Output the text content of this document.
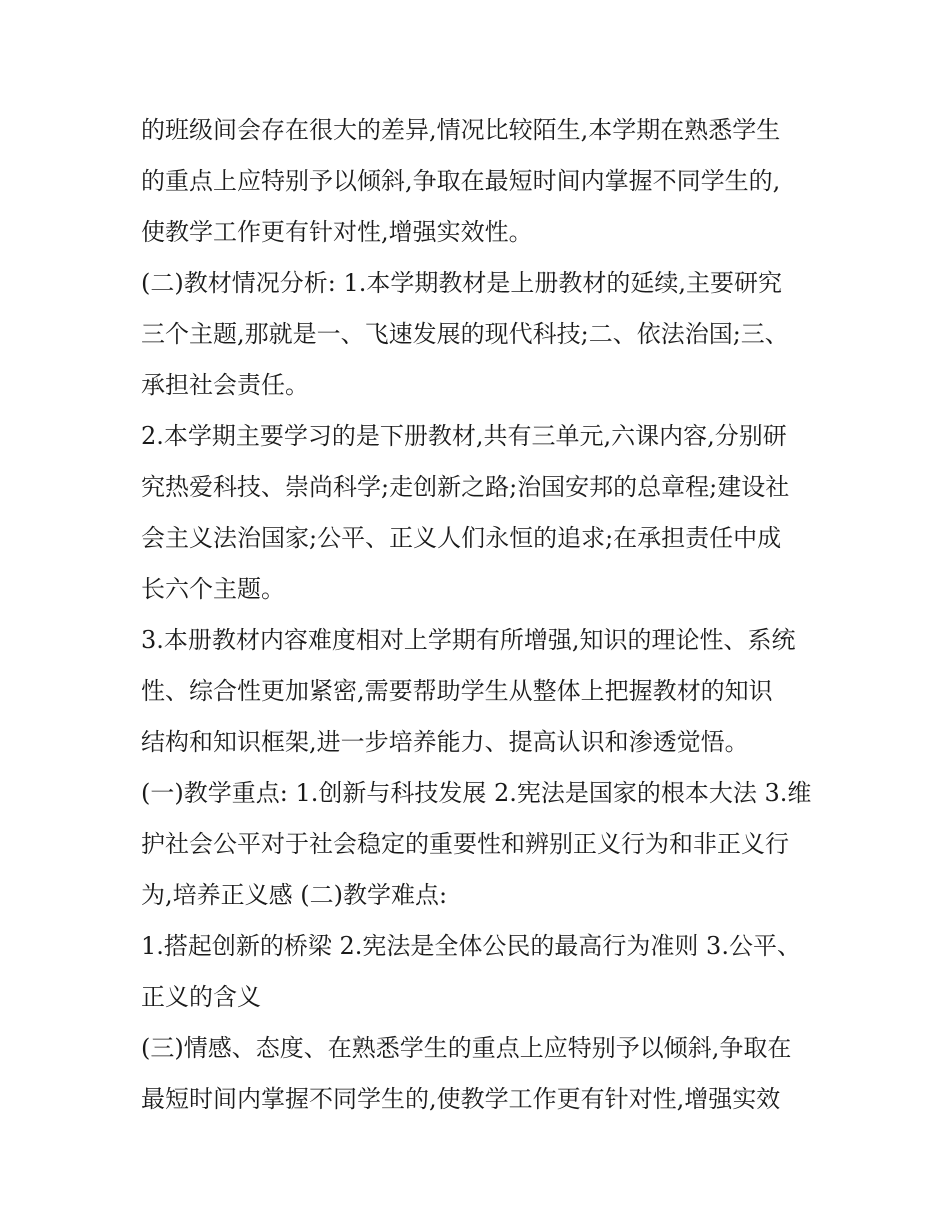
的班级间会存在很大的差异,情况比较陌生,本学期在熟悉学生
的重点上应特别予以倾斜,争取在最短时间内掌握不同学生的,
使教学工作更有针对性,增强实效性。
(二)教材情况分析: 1.本学期教材是上册教材的延续,主要研究
三个主题,那就是一、飞速发展的现代科技;二、依法治国;三、
承担社会责任。
2.本学期主要学习的是下册教材,共有三单元,六课内容,分别研
究热爱科技、崇尚科学;走创新之路;治国安邦的总章程;建设社
会主义法治国家;公平、正义人们永恒的追求;在承担责任中成
长六个主题。
3.本册教材内容难度相对上学期有所增强,知识的理论性、系统
性、综合性更加紧密,需要帮助学生从整体上把握教材的知识
结构和知识框架,进一步培养能力、提高认识和渗透觉悟。
(一)教学重点: 1.创新与科技发展 2.宪法是国家的根本大法 3.维
护社会公平对于社会稳定的重要性和辨别正义行为和非正义行
为,培养正义感 (二)教学难点:
1.搭起创新的桥梁 2.宪法是全体公民的最高行为准则 3.公平、
正义的含义
(三)情感、态度、在熟悉学生的重点上应特别予以倾斜,争取在
最短时间内掌握不同学生的,使教学工作更有针对性,增强实效
